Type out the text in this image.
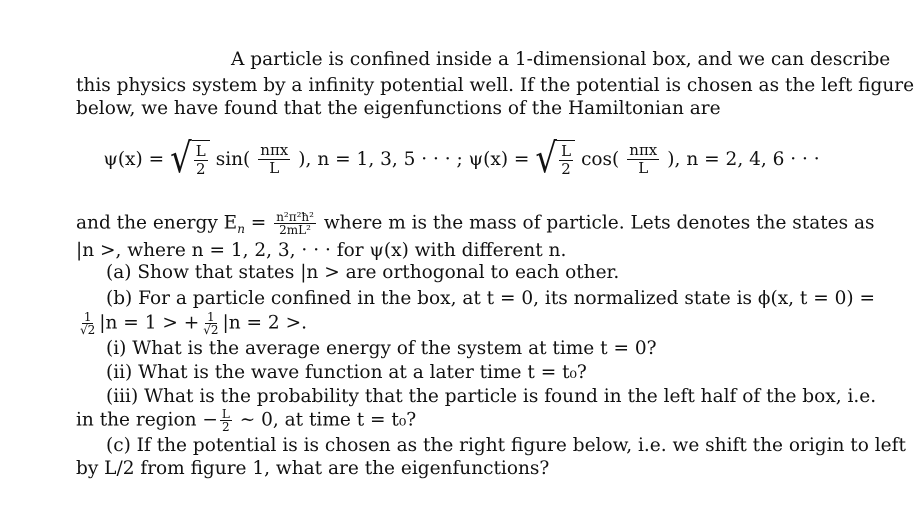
A particle is confined inside a 1-dimensional box, and we can describe
this physics system by a infinity potential well. If the potential is chosen as the left figure
below, we have found that the eigenfunctions of the Hamiltonian are
ψ(x) = √ $\frac{L}{2} \sin( \frac{\text{nπx}}{L}$ ), n = 1, 3, 5 · · · ; ψ(x) = √ $\frac{L}{2} \cos( \frac{\text{nπx}}{L}$ ), n = 2, 4, 6 · · ·
and the energy $E_n = \frac{\text{n²π²ħ²}}{\text{2mL²}}$ where m is the mass of particle. Lets denotes the states as
|n >, where n = 1, 2, 3, · · · for ψ(x) with different n.
(a) Show that states |n > are orthogonal to each other.
(b) For a particle confined in the box, at t = 0, its normalized state is ϕ(x, t = 0) =
$\frac{1}{√2} |n = 1$ > + $\frac{1}{√2} |n = 2$ >.
(i) What is the average energy of the system at time t = 0?
(ii) What is the wave function at a later time t = t₀?
(iii) What is the probability that the particle is found in the left half of the box, i.e.
in the region − $\frac{L}{2}$ ∼ 0, at time t = t₀?
(c) If the potential is is chosen as the right figure below, i.e. we shift the origin to left
by L/2 from figure 1, what are the eigenfunctions?
